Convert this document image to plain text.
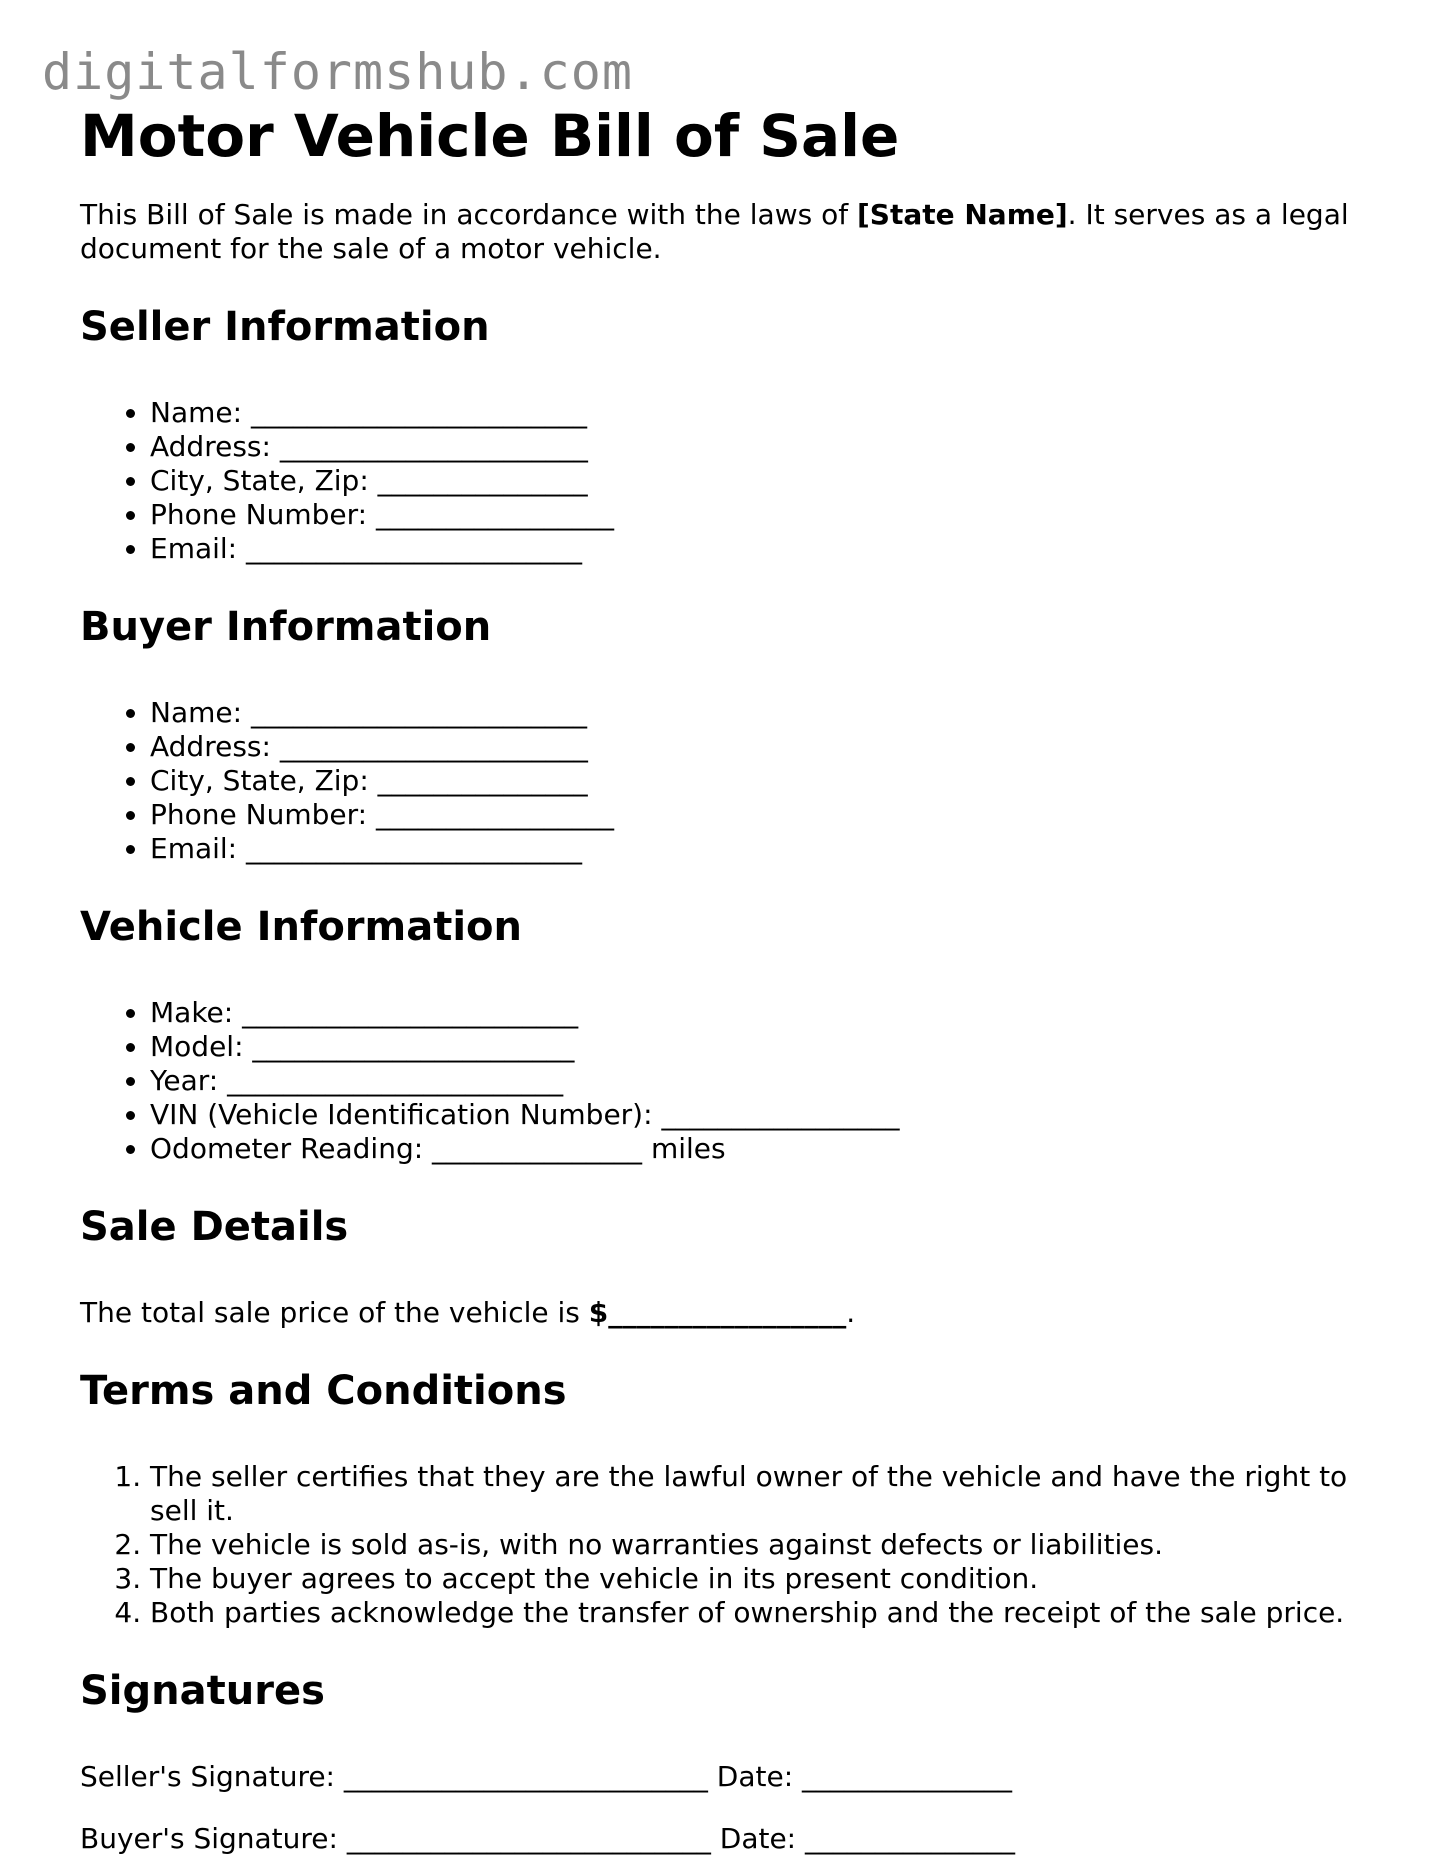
digitalformshub.com
Motor Vehicle Bill of Sale

This Bill of Sale is made in accordance with the laws of [State Name]. It serves as a legal document for the sale of a motor vehicle.

Seller Information
• Name: ________________________
• Address: ______________________
• City, State, Zip: _______________
• Phone Number: _________________
• Email: ________________________
Buyer Information
• Name: ________________________
• Address: ______________________
• City, State, Zip: _______________
• Phone Number: _________________
• Email: ________________________
Vehicle Information
• Make: ________________________
• Model: _______________________
• Year: ________________________
• VIN (Vehicle Identification Number): _________________
• Odometer Reading: _______________ miles
Sale Details

The total sale price of the vehicle is $_________________.

Terms and Conditions
1. The seller certifies that they are the lawful owner of the vehicle and have the right to sell it.
2. The vehicle is sold as-is, with no warranties against defects or liabilities.
3. The buyer agrees to accept the vehicle in its present condition.
4. Both parties acknowledge the transfer of ownership and the receipt of the sale price.
Signatures

Seller's Signature: __________________________ Date: _______________

Buyer's Signature: __________________________ Date: _______________
